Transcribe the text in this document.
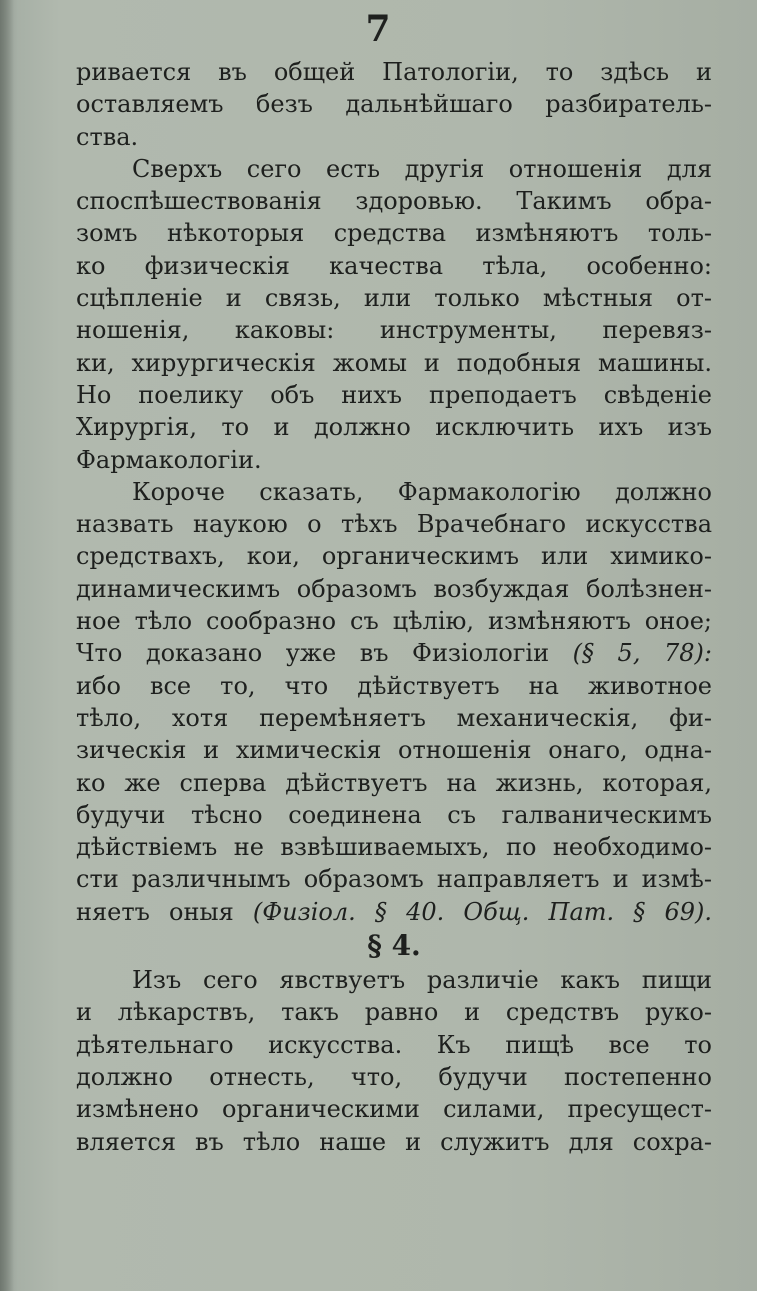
7
ривается въ общей Патологіи, то здѣсь и
оставляемъ безъ дальнѣйшаго разбиратель-
ства.
Сверхъ сего есть другія отношенія для
споспѣшествованія здоровью. Такимъ обра-
зомъ нѣкоторыя средства измѣняютъ толь-
ко физическія качества тѣла, особенно:
сцѣпленіе и связь, или только мѣстныя от-
ношенія, каковы: инструменты, перевяз-
ки, хирургическія жомы и подобныя машины.
Но поелику объ нихъ преподаетъ свѣденіе
Хирургія, то и должно исключить ихъ изъ
Фармакологіи.
Короче сказать, Фармакологію должно
назвать наукою о тѣхъ Врачебнаго искусства
средствахъ, кои, органическимъ или химико-
динамическимъ образомъ возбуждая болѣзнен-
ное тѣло сообразно съ цѣлію, измѣняютъ оное;
Что доказано уже въ Физіологіи (§ 5, 78):
ибо все то, что дѣйствуетъ на животное
тѣло, хотя перемѣняетъ механическія, фи-
зическія и химическія отношенія онаго, одна-
ко же сперва дѣйствуетъ на жизнь, которая,
будучи тѣсно соединена съ галваническимъ
дѣйствіемъ не взвѣшиваемыхъ, по необходимо-
сти различнымъ образомъ направляетъ и измѣ-
няетъ оныя (Физіол. § 40. Общ. Пат. § 69).
§ 4.
Изъ сего явствуетъ различіе какъ пищи
и лѣкарствъ, такъ равно и средствъ руко-
дѣятельнаго искусства. Къ пищѣ все то
должно отнесть, что, будучи постепенно
измѣнено органическими силами, пресущест-
вляется въ тѣло наше и служитъ для сохра-
